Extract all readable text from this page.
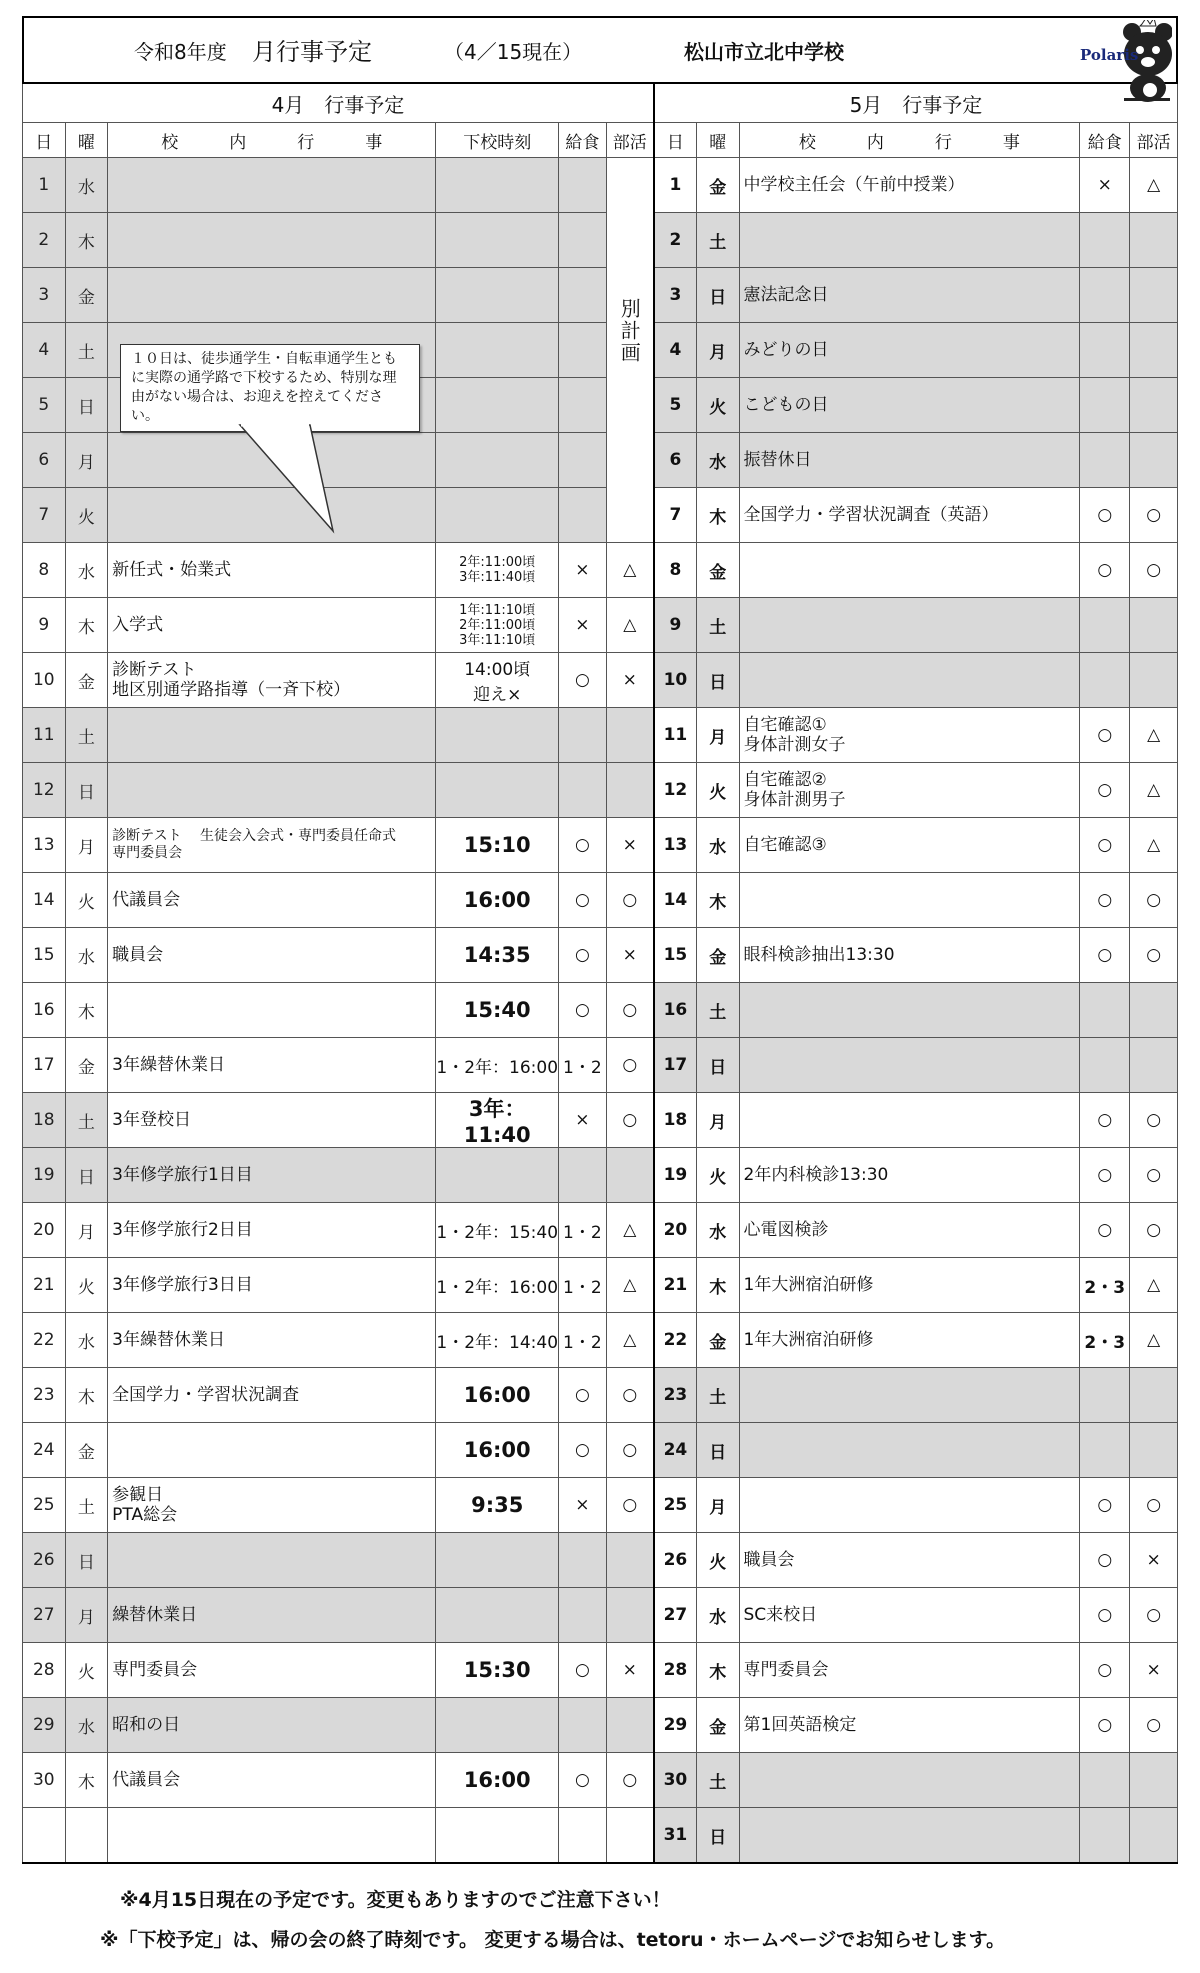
令和8年度 月行事予定	（4／15現在）	松山市立北中学校	Polaris
4月　行事予定						5月　行事予定				
日	曜	校　　　内　　　行　　　事	下校時刻	給食	部活	日	曜	校　　　内　　　行　　　事	給食	部活
1	水				別計画	1	金	中学校主任会（午前中授業）	×	△
2	木					2	土			
3	金					3	日	憲法記念日		
4	土					4	月	みどりの日		
5	日					5	火	こどもの日		
6	月					6	水	振替休日		
7	火					7	木	全国学力・学習状況調査（英語）	○	○
8	水	新任式・始業式	2年:11:00頃
3年:11:40頃	×	△	8	金		○	○
9	木	入学式	1年:11:10頃
2年:11:00頃
3年:11:10頃	×	△	9	土			
10	金	診断テスト
地区別通学路指導（一斉下校）	14:00頃
迎え×	○	×	10	日			
11	土					11	月	自宅確認①
身体計測女子	○	△
12	日					12	火	自宅確認②
身体計測男子	○	△
13	月	診断テスト　 生徒会入会式・専門委員任命式
専門委員会	15:10	○	×	13	水	自宅確認③	○	△
14	火	代議員会	16:00	○	○	14	木		○	○
15	水	職員会	14:35	○	×	15	金	眼科検診抽出13:30	○	○
16	木		15:40	○	○	16	土			
17	金	3年繰替休業日	1・2年：16:00	1・2	○	17	日			
18	土	3年登校日	3年：11:40	×	○	18	月		○	○
19	日	3年修学旅行1日目				19	火	2年内科検診13:30	○	○
20	月	3年修学旅行2日目	1・2年：15:40	1・2	△	20	水	心電図検診	○	○
21	火	3年修学旅行3日目	1・2年：16:00	1・2	△	21	木	1年大洲宿泊研修	2・3	△
22	水	3年繰替休業日	1・2年：14:40	1・2	△	22	金	1年大洲宿泊研修	2・3	△
23	木	全国学力・学習状況調査	16:00	○	○	23	土			
24	金		16:00	○	○	24	日			
25	土	参観日
PTA総会	9:35	×	○	25	月		○	○
26	日					26	火	職員会	○	×
27	月	繰替休業日				27	水	SC来校日	○	○
28	火	専門委員会	15:30	○	×	28	木	専門委員会	○	×
29	水	昭和の日				29	金	第1回英語検定	○	○
30	木	代議員会	16:00	○	○	30	土			
						31	日			
１０日は、徒歩通学生・自転車通学生ともに実際の通学路で下校するため、特別な理由がない場合は、お迎えを控えてください。
※4月15日現在の予定です。変更もありますのでご注意下さい！
※「下校予定」は、帰の会の終了時刻です。 変更する場合は、tetoru・ホームページでお知らせします。
